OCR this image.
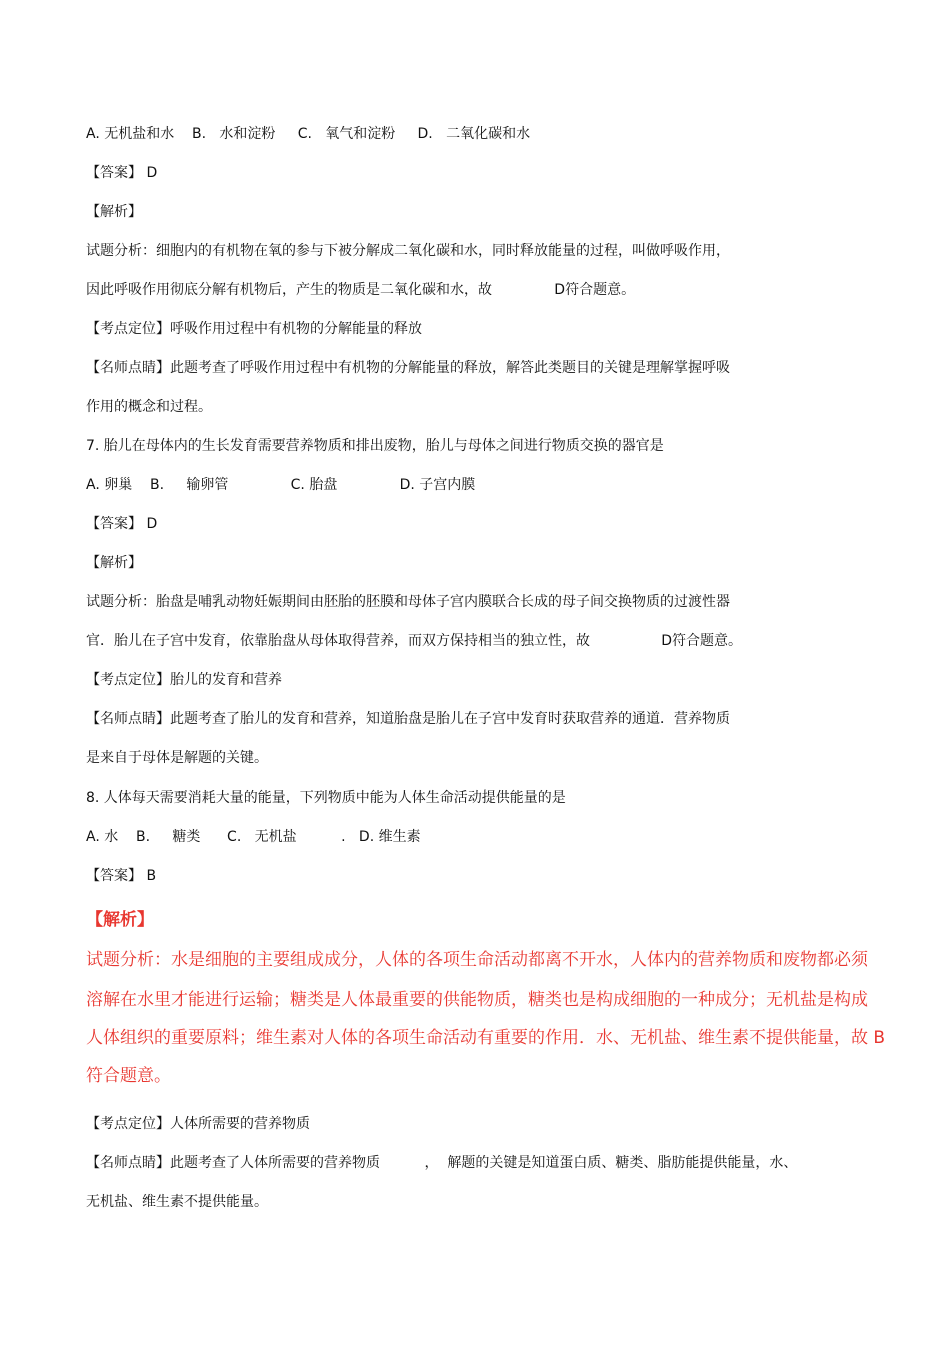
A. 无机盐和水    B.   水和淀粉     C.   氧气和淀粉     D.   二氧化碳和水
【答案】 D
【解析】
试题分析：细胞内的有机物在氧的参与下被分解成二氧化碳和水，同时释放能量的过程，叫做呼吸作用，
因此呼吸作用彻底分解有机物后，产生的物质是二氧化碳和水，故              D符合题意。
【考点定位】呼吸作用过程中有机物的分解能量的释放
【名师点睛】此题考查了呼吸作用过程中有机物的分解能量的释放，解答此类题目的关键是理解掌握呼吸
作用的概念和过程。
7. 胎儿在母体内的生长发育需要营养物质和排出废物，胎儿与母体之间进行物质交换的器官是
A. 卵巢    B.     输卵管              C. 胎盘              D. 子宫内膜
【答案】 D
【解析】
试题分析：胎盘是哺乳动物妊娠期间由胚胎的胚膜和母体子宫内膜联合长成的母子间交换物质的过渡性器
官．胎儿在子宫中发育，依靠胎盘从母体取得营养，而双方保持相当的独立性，故                D符合题意。
【考点定位】胎儿的发育和营养
【名师点睛】此题考查了胎儿的发育和营养，知道胎盘是胎儿在子宫中发育时获取营养的通道．营养物质
是来自于母体是解题的关键。
8. 人体每天需要消耗大量的能量，下列物质中能为人体生命活动提供能量的是
A. 水    B.     糖类      C.   无机盐          .   D. 维生素
【答案】 B
【解析】
试题分析：水是细胞的主要组成成分，人体的各项生命活动都离不开水，人体内的营养物质和废物都必须
溶解在水里才能进行运输；糖类是人体最重要的供能物质，糖类也是构成细胞的一种成分；无机盐是构成
人体组织的重要原料；维生素对人体的各项生命活动有重要的作用．水、无机盐、维生素不提供能量，故 B
符合题意。
【考点定位】人体所需要的营养物质
【名师点睛】此题考查了人体所需要的营养物质          ，  解题的关键是知道蛋白质、糖类、脂肪能提供能量，水、
无机盐、维生素不提供能量。
